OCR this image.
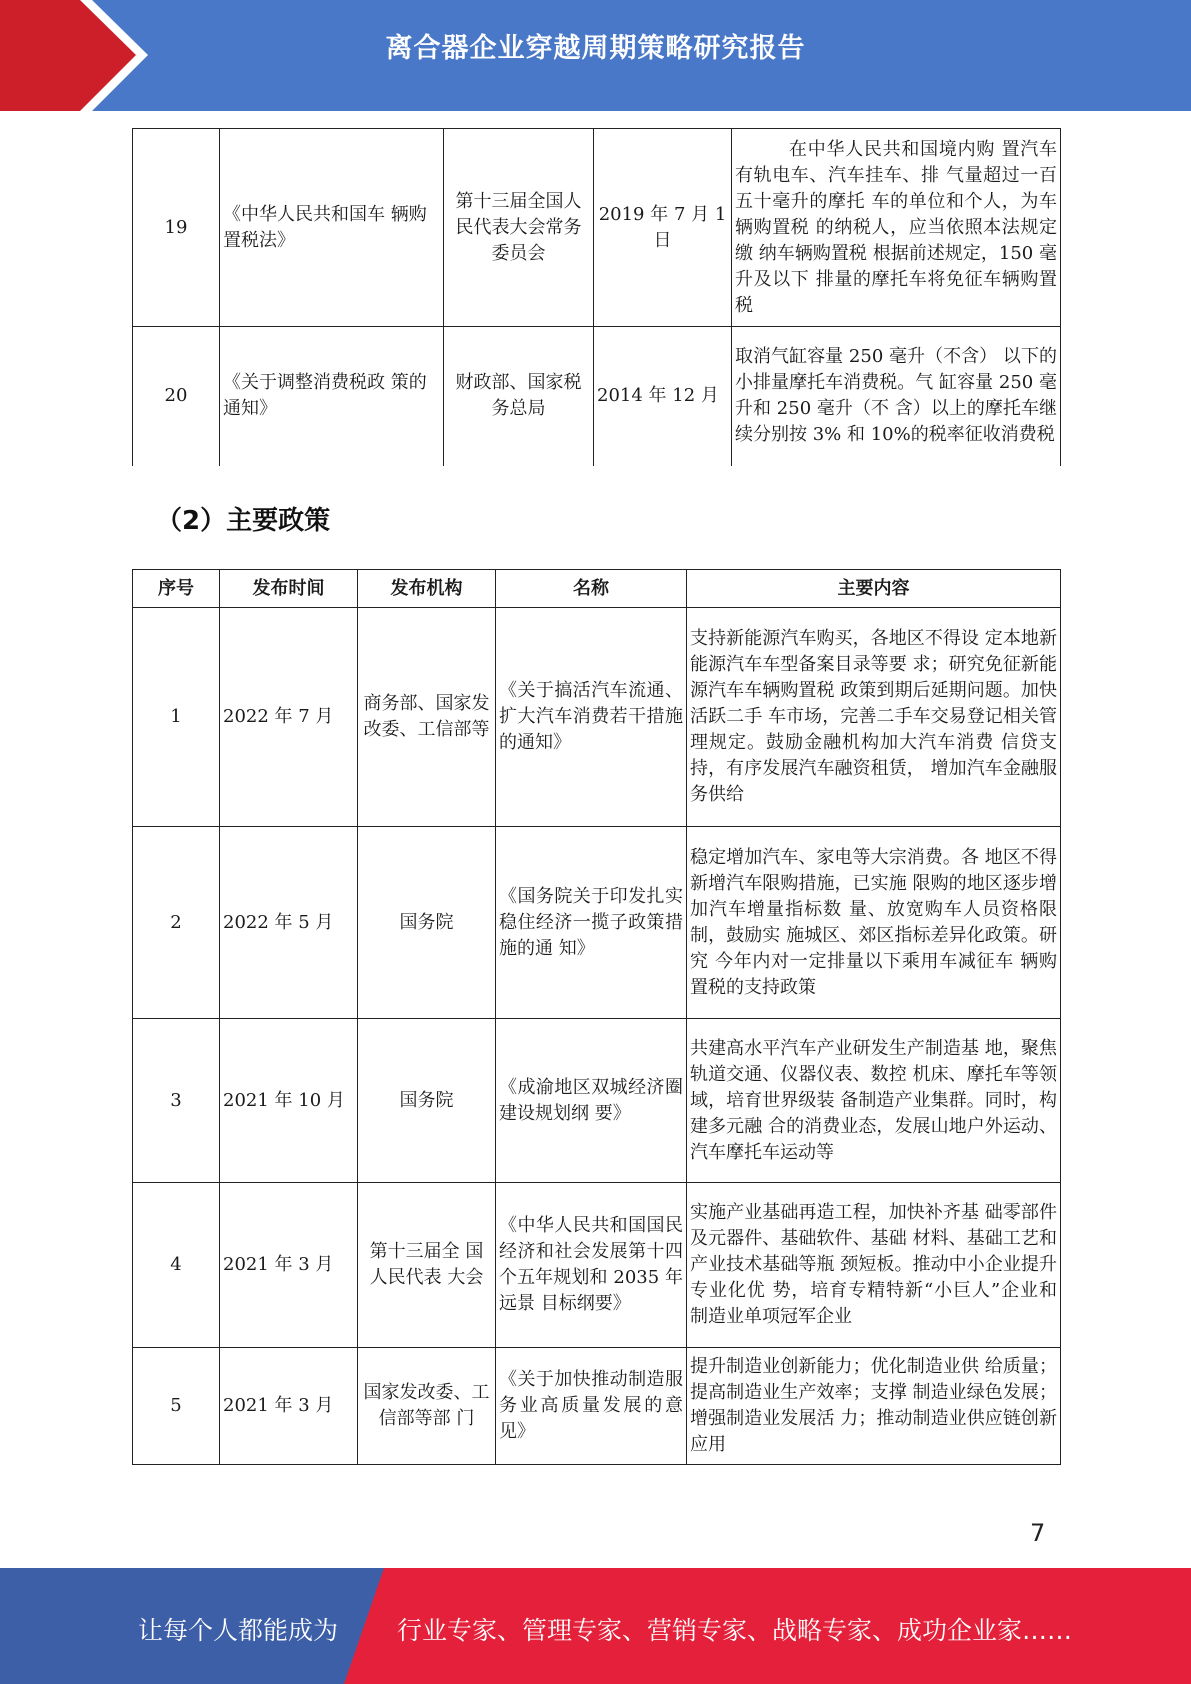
离合器企业穿越周期策略研究报告
19	《中华人民共和国车 辆购置税法》	第十三届全国人民代表大会常务委员会	2019 年 7 月 1 日	在中华人民共和国境内购 置汽车有轨电车、汽车挂车、排 气量超过一百五十毫升的摩托 车的单位和个人，为车辆购置税 的纳税人，应当依照本法规定缴 纳车辆购置税 根据前述规定，150 毫升及以下 排量的摩托车将免征车辆购置 税
20	《关于调整消费税政 策的通知》	财政部、国家税务总局	2014 年 12 月	取消气缸容量 250 毫升（不含） 以下的小排量摩托车消费税。气 缸容量 250 毫升和 250 毫升（不 含）以上的摩托车继续分别按 3% 和 10%的税率征收消费税
（2）主要政策
序号	发布时间	发布机构	名称	主要内容
1	2022 年 7 月	商务部、国家发改委、工信部等	《关于搞活汽车流通、扩大汽车消费若干措施的通知》	支持新能源汽车购买，各地区不得设 定本地新能源汽车车型备案目录等要 求；研究免征新能源汽车车辆购置税 政策到期后延期问题。加快活跃二手 车市场，完善二手车交易登记相关管 理规定。鼓励金融机构加大汽车消费 信贷支持，有序发展汽车融资租赁， 增加汽车金融服务供给
2	2022 年 5 月	国务院	《国务院关于印发扎实稳住经济一揽子政策措施的通 知》	稳定增加汽车、家电等大宗消费。各 地区不得新增汽车限购措施，已实施 限购的地区逐步增加汽车增量指标数 量、放宽购车人员资格限制，鼓励实 施城区、郊区指标差异化政策。研究 今年内对一定排量以下乘用车减征车 辆购置税的支持政策
3	2021 年 10 月	国务院	《成渝地区双城经济圈建设规划纲 要》	共建高水平汽车产业研发生产制造基 地，聚焦轨道交通、仪器仪表、数控 机床、摩托车等领域，培育世界级装 备制造产业集群。同时，构建多元融 合的消费业态，发展山地户外运动、 汽车摩托车运动等
4	2021 年 3 月	第十三届全 国人民代表 大会	《中华人民共和国国民经济和社会发展第十四个五年规划和 2035 年远景 目标纲要》	实施产业基础再造工程，加快补齐基 础零部件及元器件、基础软件、基础 材料、基础工艺和产业技术基础等瓶 颈短板。推动中小企业提升专业化优 势，培育专精特新“小巨人”企业和 制造业单项冠军企业
5	2021 年 3 月	国家发改委、工信部等部 门	《关于加快推动制造服务业高质量发展的意见》	提升制造业创新能力；优化制造业供 给质量；提高制造业生产效率；支撑 制造业绿色发展；增强制造业发展活 力；推动制造业供应链创新应用
7
让每个人都能成为 行业专家、管理专家、营销专家、战略专家、成功企业家……
